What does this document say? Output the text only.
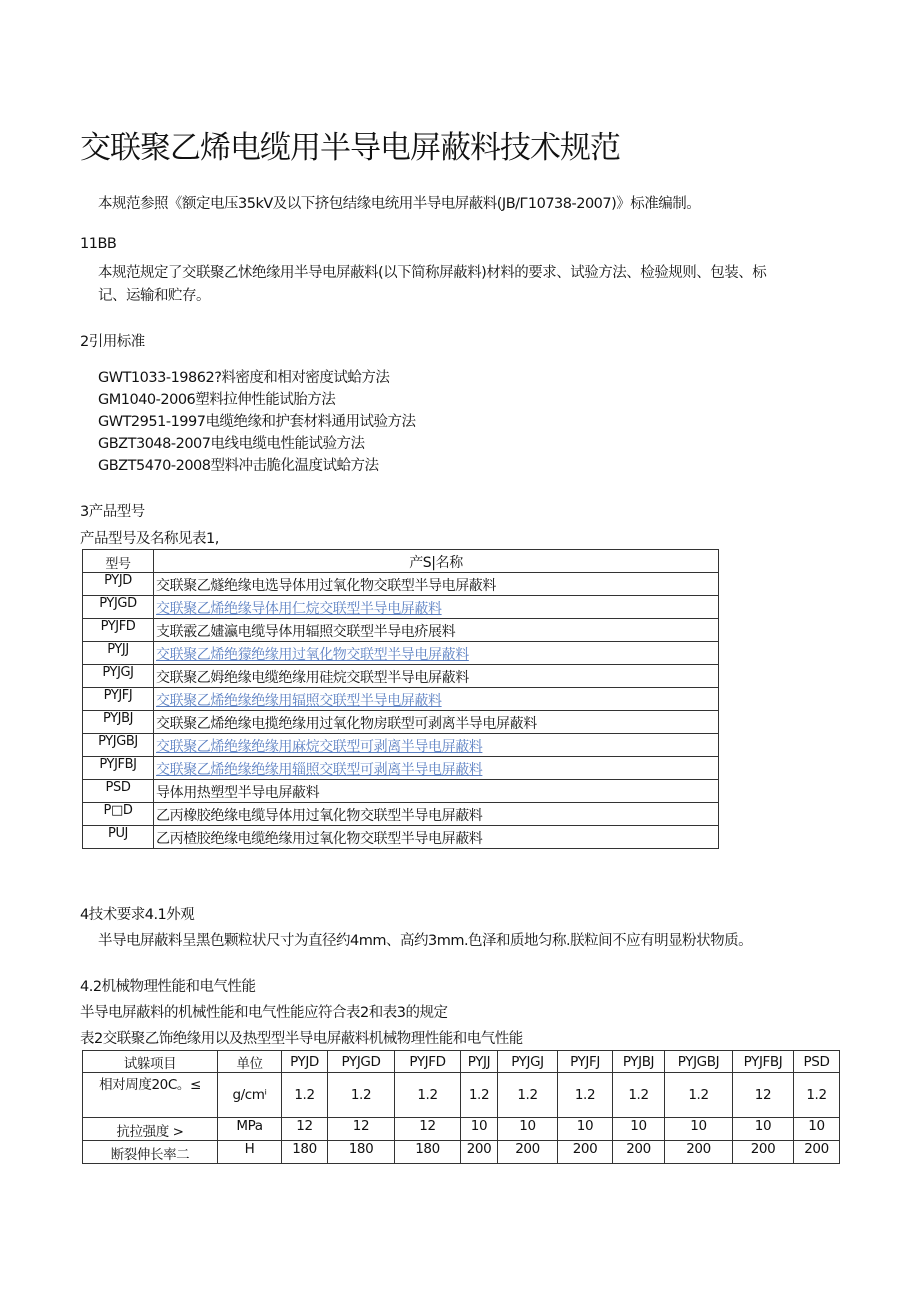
交联聚乙烯电缆用半导电屏蔽料技术规范
本规范参照《额定电压35kV及以下挤包结缘电统用半导电屏蔽料(JB/Г10738-2007)》标准编制。
11BB
本规范规定了交联聚乙怵绝缘用半导电屏蔽料(以下简称屏蔽料)材料的要求、试验方法、检验规则、包装、标
记、运输和贮存。
2引用标准
GWT1033-19862?料密度和相对密度试蛤方法
GM1040-2006塑料拉伸性能试胎方法
GWT2951-1997电缆绝缘和护套材料通用试验方法
GBZT3048-2007电线电缆电性能试验方法
GBZT5470-2008型料冲击脆化温度试蛤方法
3产品型号
产品型号及名称见表1,
型号	产S|名称
PYJD	交联聚乙燧绝缘电选导体用过氧化物交联型半导电屏蔽料
PYJGD	交联聚乙烯绝缘导体用仁烷交联型半导电屏蔽料
PYJFD	支联霰乙嫿瀛电缆导体用辐照交联型半导电疥展料
PYJJ	交联聚乙烯绝獴绝缘用过氧化物交联型半导电屏蔽料
PYJGJ	交联聚乙姆绝缘电缆绝缘用硅烷交联型半导电屏蔽料
PYJFJ	交联聚乙烯绝缘绝缘用辐照交联型半导电屏蔽料
PYJBJ	交联聚乙烯绝缘电揽绝缘用过氧化物房联型可剥离半导电屏蔽料
PYJGBJ	交联聚乙烯绝缘绝缘用麻烷交联型可剥离半导电屏蔽料
PYJFBJ	交联聚乙烯绝缘绝缘用辎照交联型可剥离半导电屏蔽料
PSD	导体用热塑型半导电屏蔽料
P□D	乙丙橡胶绝缘电缆导体用过氧化物交联型半导电屏蔽料
PUJ	乙丙楂胶绝缘电缆绝缘用过氧化物交联型半导电屏蔽料
4技术要求4.1外观
半导电屏蔽料呈黑色颗粒状尺寸为直径约4mm、高约3mm.色泽和质地匀称.朕粒间不应有明显粉状物质。
4.2机械物理性能和电气性能
半导电屏蔽料的机械性能和电气性能应符合表2和表3的规定
表2交联聚乙饰绝缘用以及热型型半导电屏蔽料机械物理性能和电气性能
试躲项目	单位	PYJD	PYJGD	PYJFD	PYJJ	PYJGJ	PYJFJ	PYJBJ	PYJGBJ	PYJFBJ	PSD
相对周度20C。≤	g/cmⁱ	1.2	1.2	1.2	1.2	1.2	1.2	1.2	1.2	12	1.2
抗拉强度 >	MPa	12	12	12	10	10	10	10	10	10	10
断裂伸长率二	H	180	180	180	200	200	200	200	200	200	200
